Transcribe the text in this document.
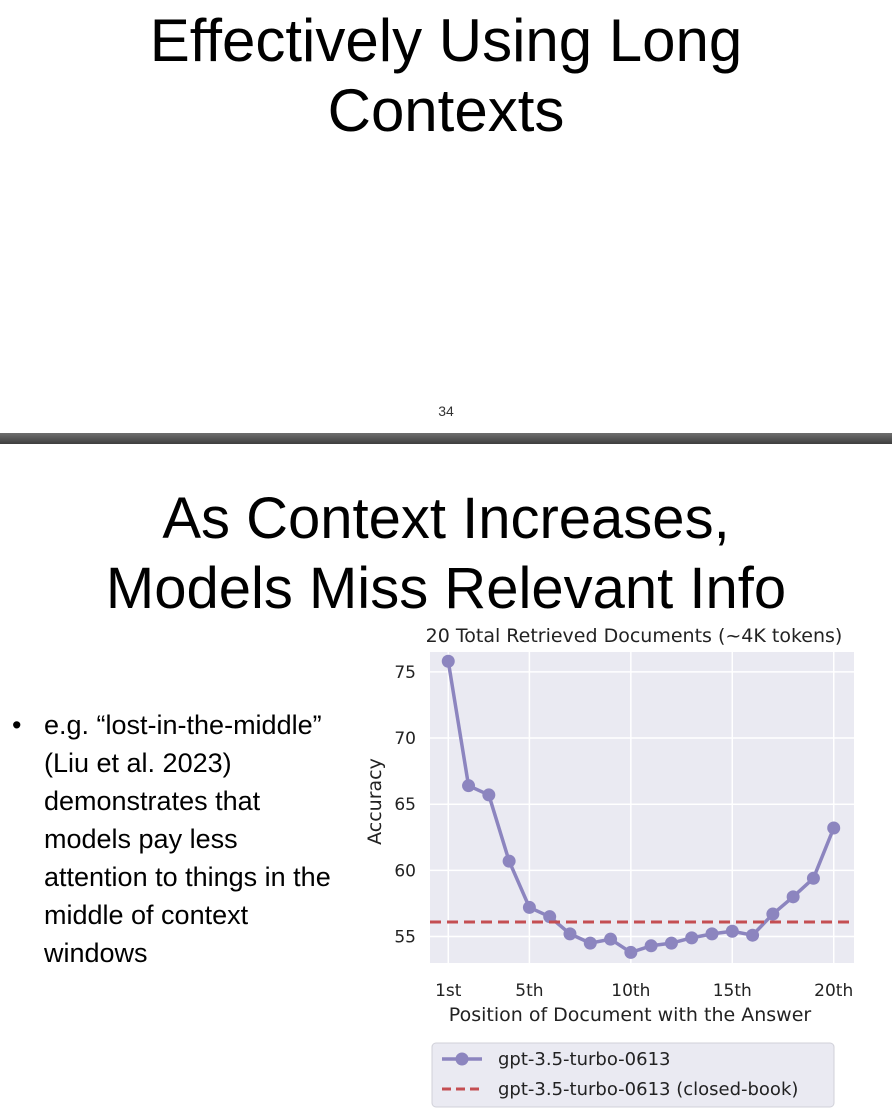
Effectively Using Long
Contexts
34
As Context Increases,
Models Miss Relevant Info
• e.g. “lost-in-the-middle” (Liu et al. 2023) demonstrates that models pay less attention to things in the middle of context windows
55
60
65
70
75
1st	5th	10th	15th	20th
20 Total Retrieved Documents (~4K tokens)
Position of Document with the Answer
Accuracy
gpt-3.5-turbo-0613
gpt-3.5-turbo-0613 (closed-book)
